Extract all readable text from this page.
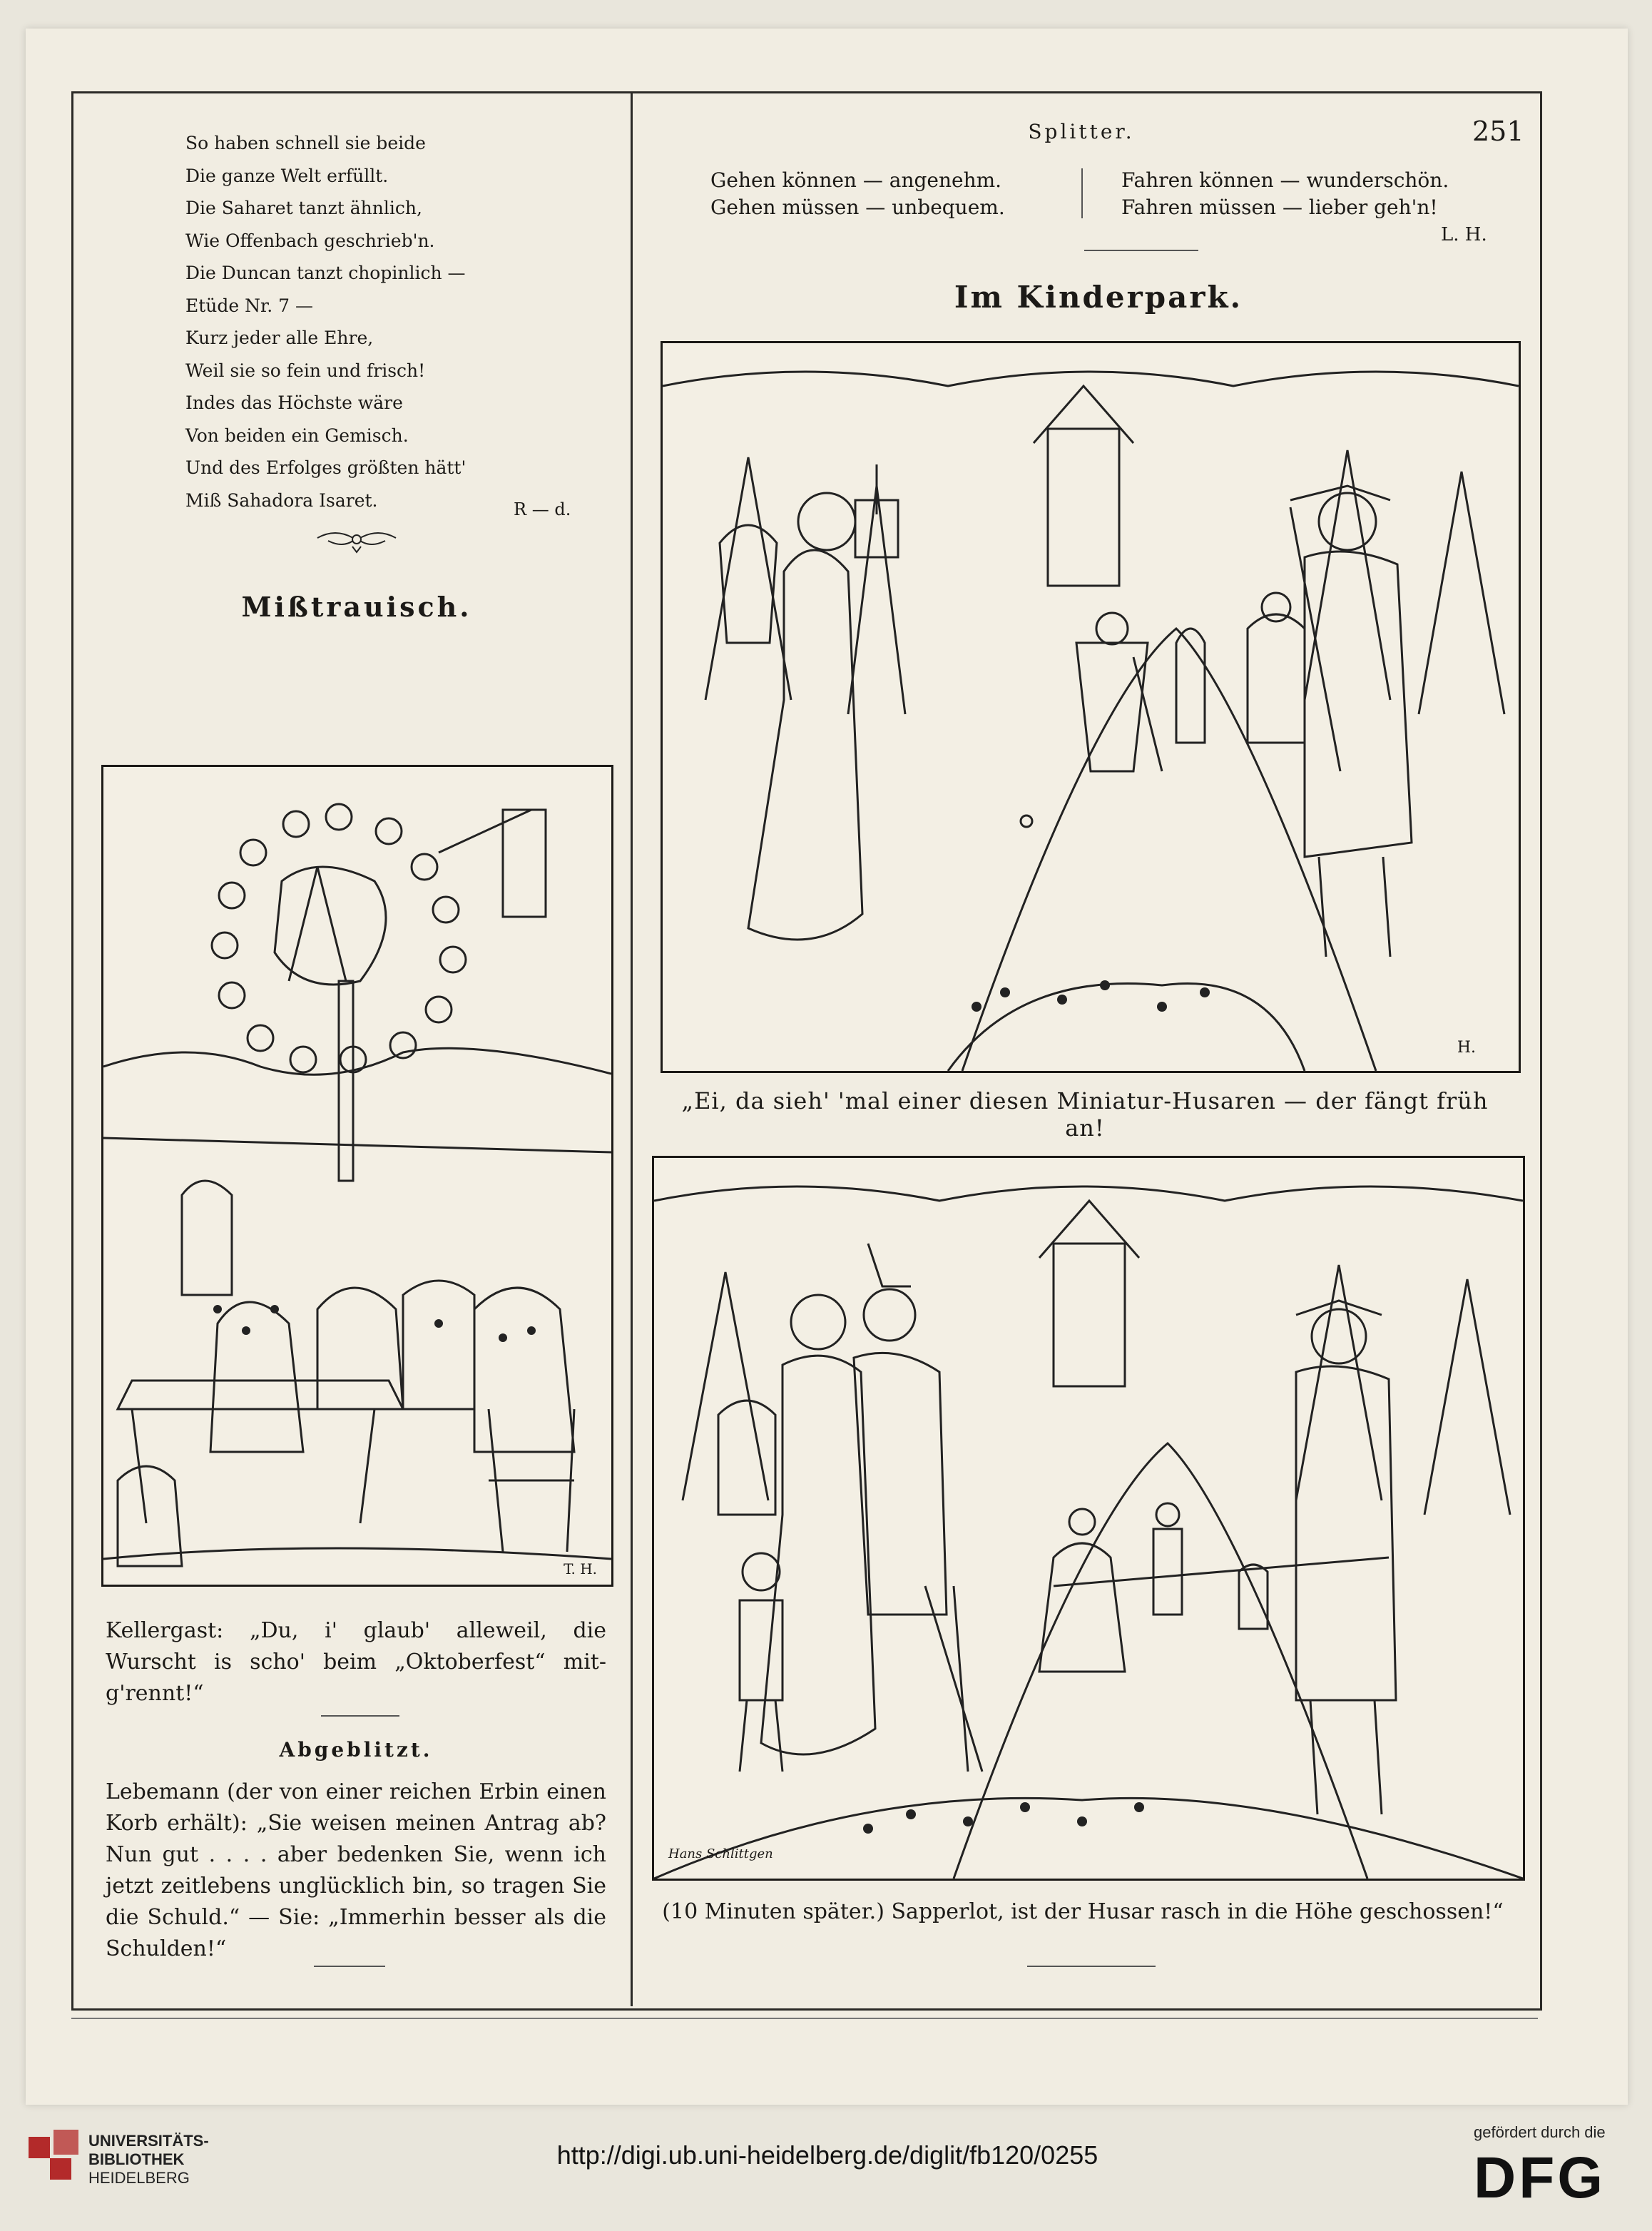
So haben schnell sie beide
Die ganze Welt erfüllt.
Die Saharet tanzt ähnlich,
Wie Offenbach geschrieb'n.
Die Duncan tanzt chopinlich —
Etüde Nr. 7 —
Kurz jeder alle Ehre,
Weil sie so fein und frisch!
Indes das Höchste wäre
Von beiden ein Gemisch.
Und des Erfolges größten hätt'
Miß Sahadora Isaret.	R — d.
Mißtrauisch.
T. H.
Kellergast: „Du, i' glaub' alleweil, die Wurscht is scho' beim „Oktoberfest“ mit- g'rennt!“
Abgeblitzt.
Lebemann (der von einer reichen Erbin einen Korb erhält): „Sie weisen meinen Antrag ab? Nun gut . . . . aber bedenken Sie, wenn ich jetzt zeitlebens unglücklich bin, so tragen Sie die Schuld.“ — Sie: „Immerhin besser als die Schulden!“
Splitter.	251
Gehen können — angenehm.
Gehen müssen — unbequem.
Fahren können — wunderschön.
Fahren müssen — lieber geh'n!
L. H.
Im Kinderpark.
H.
„Ei, da sieh' 'mal einer diesen Miniatur-Husaren — der fängt früh an!
Hans Schlittgen
(10 Minuten später.) Sapperlot, ist der Husar rasch in die Höhe geschossen!“
UNIVERSITÄTS-
BIBLIOTHEK
HEIDELBERG
http://digi.ub.uni-heidelberg.de/diglit/fb120/0255
gefördert durch die
DFG
